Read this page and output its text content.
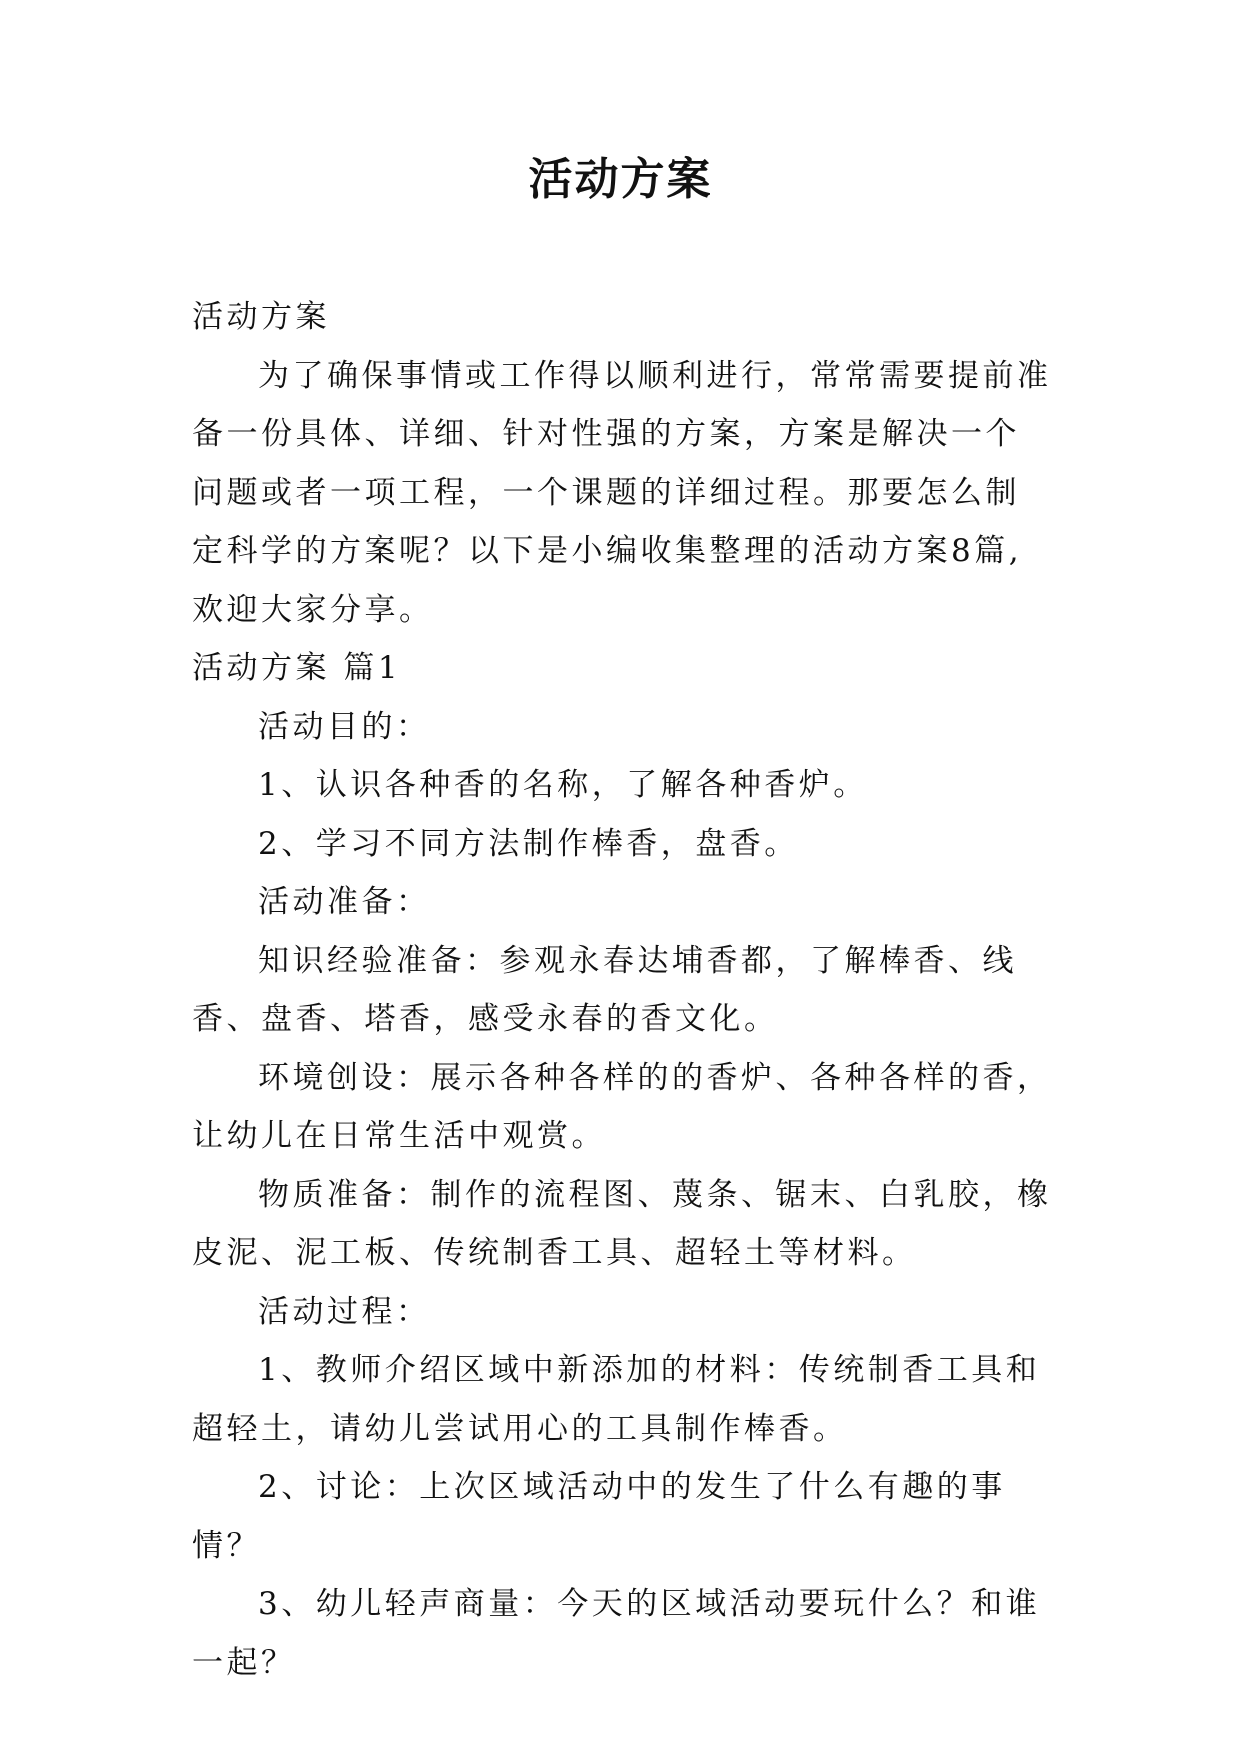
活动方案

活动方案

为了确保事情或工作得以顺利进行，常常需要提前准备一份具体、详细、针对性强的方案，方案是解决一个问题或者一项工程，一个课题的详细过程。那要怎么制定科学的方案呢？以下是小编收集整理的活动方案8篇,欢迎大家分享。

活动方案 篇1

活动目的：

1、认识各种香的名称，了解各种香炉。

2、学习不同方法制作棒香，盘香。

活动准备：

知识经验准备：参观永春达埔香都，了解棒香、线香、盘香、塔香，感受永春的香文化。

环境创设：展示各种各样的的香炉、各种各样的香，让幼儿在日常生活中观赏。

物质准备：制作的流程图、蔑条、锯末、白乳胶，橡皮泥、泥工板、传统制香工具、超轻土等材料。

活动过程：

1、教师介绍区域中新添加的材料：传统制香工具和超轻土，请幼儿尝试用心的工具制作棒香。

2、讨论：上次区域活动中的发生了什么有趣的事情？

3、幼儿轻声商量：今天的区域活动要玩什么？和谁一起？
